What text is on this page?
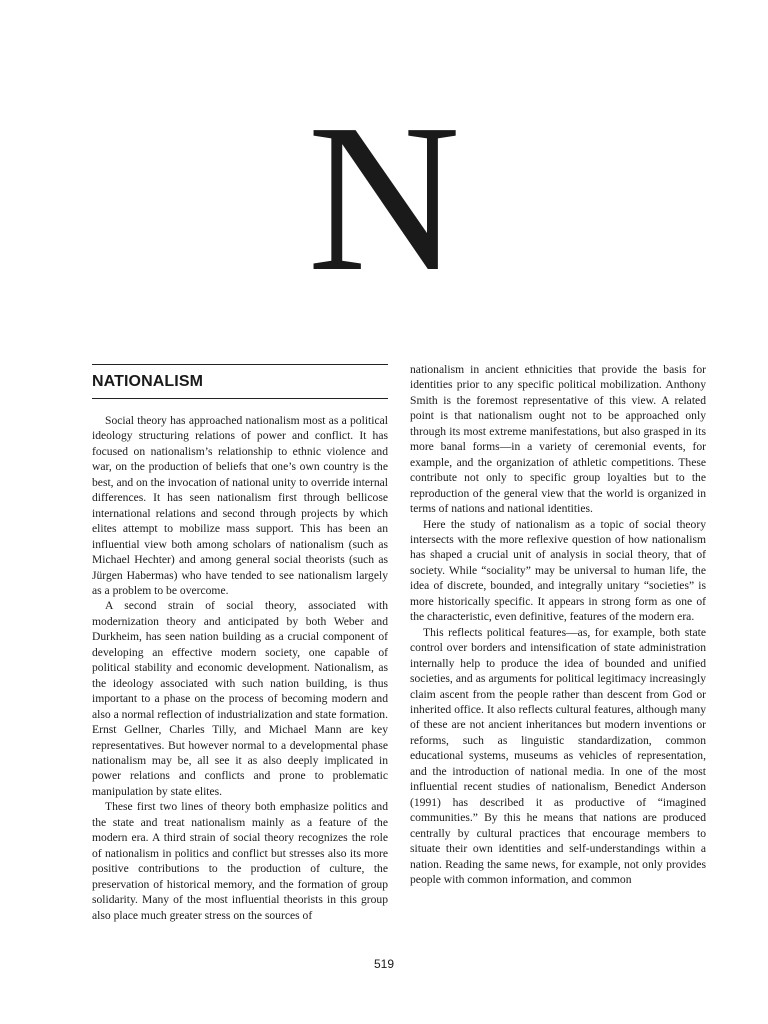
N
NATIONALISM

Social theory has approached nationalism most as a political ideology structuring relations of power and conflict. It has focused on nationalism’s relationship to ethnic violence and war, on the production of beliefs that one’s own country is the best, and on the invocation of national unity to override internal differences. It has seen nationalism first through bellicose international relations and second through projects by which elites attempt to mobilize mass support. This has been an influential view both among scholars of nationalism (such as Michael Hechter) and among general social theorists (such as Jürgen Habermas) who have tended to see nationalism largely as a problem to be overcome.

A second strain of social theory, associated with modernization theory and anticipated by both Weber and Durkheim, has seen nation building as a crucial component of developing an effective modern society, one capable of political stability and economic development. Nationalism, as the ideology associated with such nation building, is thus important to a phase on the process of becoming modern and also a normal reflection of industrialization and state formation. Ernst Gellner, Charles Tilly, and Michael Mann are key representatives. But however normal to a developmental phase nationalism may be, all see it as also deeply implicated in power relations and conflicts and prone to problematic manipulation by state elites.

These first two lines of theory both emphasize politics and the state and treat nationalism mainly as a feature of the modern era. A third strain of social theory recognizes the role of nationalism in politics and conflict but stresses also its more positive contributions to the production of culture, the preservation of historical memory, and the formation of group solidarity. Many of the most influential theorists in this group also place much greater stress on the sources of

nationalism in ancient ethnicities that provide the basis for identities prior to any specific political mobilization. Anthony Smith is the foremost representative of this view. A related point is that nationalism ought not to be approached only through its most extreme manifestations, but also grasped in its more banal forms—in a variety of ceremonial events, for example, and the organization of athletic competitions. These contribute not only to specific group loyalties but to the reproduction of the general view that the world is organized in terms of nations and national identities.

Here the study of nationalism as a topic of social theory intersects with the more reflexive question of how nationalism has shaped a crucial unit of analysis in social theory, that of society. While “sociality” may be universal to human life, the idea of discrete, bounded, and integrally unitary “societies” is more historically specific. It appears in strong form as one of the characteristic, even definitive, features of the modern era.

This reflects political features—as, for example, both state control over borders and intensification of state administration internally help to produce the idea of bounded and unified societies, and as arguments for political legitimacy increasingly claim ascent from the people rather than descent from God or inherited office. It also reflects cultural features, although many of these are not ancient inheritances but modern inventions or reforms, such as linguistic standardization, common educational systems, museums as vehicles of representation, and the introduction of national media. In one of the most influential recent studies of nationalism, Benedict Anderson (1991) has described it as productive of “imagined communities.” By this he means that nations are produced centrally by cultural practices that encourage members to situate their own identities and self-understandings within a nation. Reading the same news, for example, not only provides people with common information, and common

519
